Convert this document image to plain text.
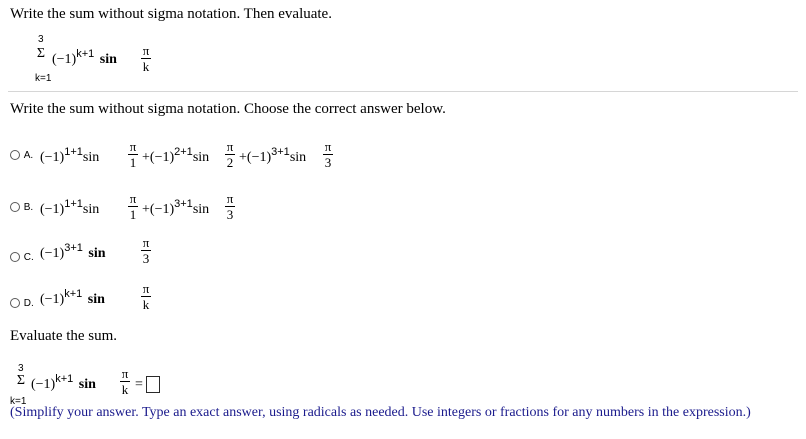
Write the sum without sigma notation. Then evaluate.
3
Σ
k=1
$(-1)^{k+1}$ sin
π
k
Write the sum without sigma notation. Choose the correct answer below.
A. $(-1)^{1+1}\sin$
π
$1 +(-1)^{2+1}\sin$
π
$2 +(-1)^{3+1}\sin$
π
3
B. $(-1)^{1+1}\sin$
π
$1 +(-1)^{3+1}\sin$
π
3
C. $(-1)^{3+1}$ sin
π
3
D. $(-1)^{k+1}$ sin
π
k
Evaluate the sum.
3
Σ
k=1
$(-1)^{k+1}$ sin
π
k =
(Simplify your answer. Type an exact answer, using radicals as needed. Use integers or fractions for any numbers in the expression.)
